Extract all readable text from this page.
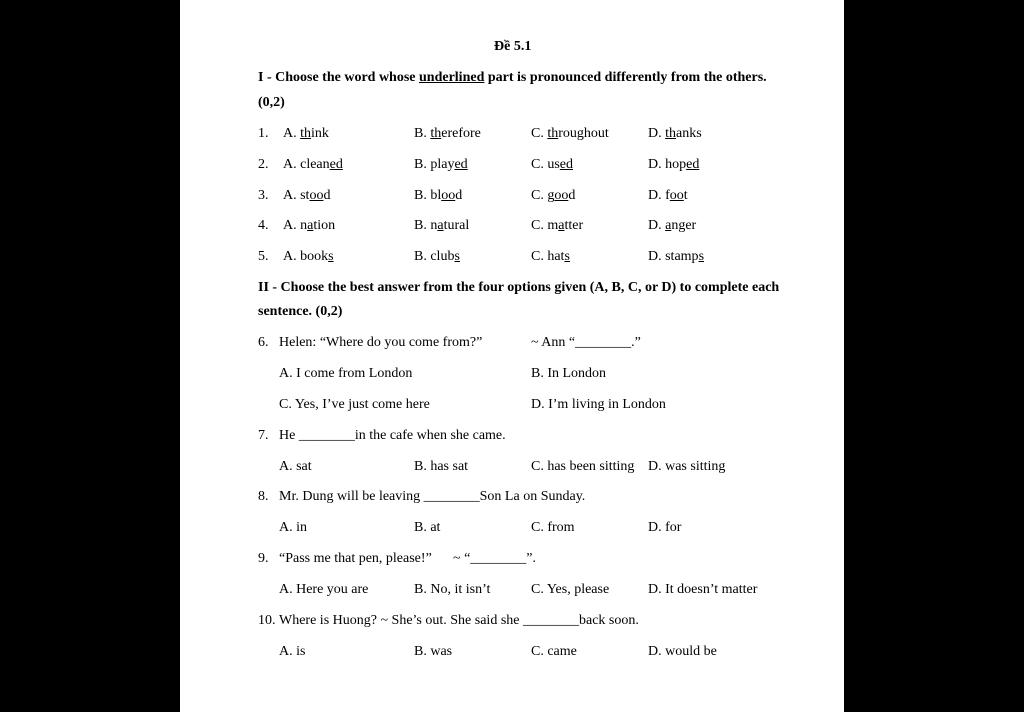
Đề 5.1
I - Choose the word whose underlined part is pronounced differently from the others.
(0,2)
1. A. think	B. therefore	C. throughout	D. thanks
2. A. cleaned	B. played	C. used	D. hoped
3. A. stood	B. blood	C. good	D. foot
4. A. nation	B. natural	C. matter	D. anger
5. A. books	B. clubs	C. hats	D. stamps
II - Choose the best answer from the four options given (A, B, C, or D) to complete each
sentence. (0,2)
6. Helen: “Where do you come from?”	~ Ann “________.”
A. I come from London	B. In London
C. Yes, I’ve just come here	D. I’m living in London
7. He ________in the cafe when she came.
A. sat	B. has sat	C. has been sitting D. was sitting
8. Mr. Dung will be leaving ________Son La on Sunday.
A. in	B. at	C. from	D. for
9. “Pass me that pen, please!” ~ “________”.
A. Here you are	B. No, it isn’t	C. Yes, please	D. It doesn’t matter
10. Where is Huong? ~ She’s out. She said she ________back soon.
A. is	B. was	C. came	D. would be
